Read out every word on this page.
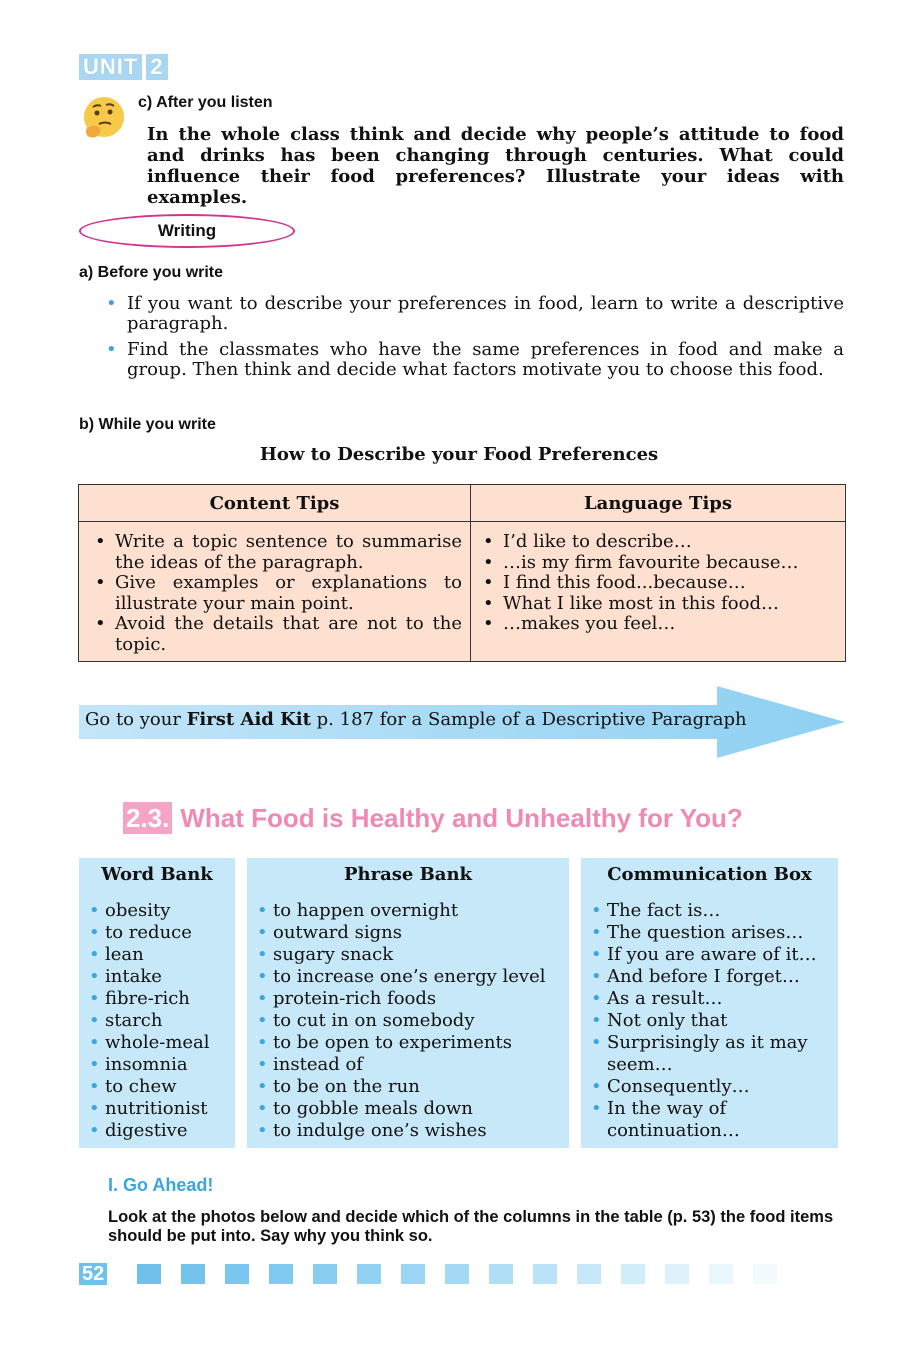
UNIT 2
c) After you listen
In the whole class think and decide why people’s attitude to food and drinks has been changing through centuries. What could influence their food preferences? Illustrate your ideas with examples.
Writing
a) Before you write
• If you want to describe your preferences in food, learn to write a descriptive paragraph.
• Find the classmates who have the same preferences in food and make a group. Then think and decide what factors motivate you to choose this food.
b) While you write
How to Describe your Food Preferences
Content Tips	Language Tips
• Write a topic sentence to summarise the ideas of the paragraph.
• Give examples or explanations to illustrate your main point.
• Avoid the details that are not to the topic.
• I’d like to describe…
• …is my firm favourite because…
• I find this food...because…
• What I like most in this food…
• …makes you feel…
Go to your First Aid Kit p. 187 for a Sample of a Descriptive Paragraph
2.3. What Food is Healthy and Unhealthy for You?
Word Bank
• obesity
• to reduce
• lean
• intake
• fibre-rich
• starch
• whole-meal
• insomnia
• to chew
• nutritionist
• digestive
Phrase Bank
• to happen overnight
• outward signs
• sugary snack
• to increase one’s energy level
• protein-rich foods
• to cut in on somebody
• to be open to experiments
• instead of
• to be on the run
• to gobble meals down
• to indulge one’s wishes
Communication Box
• The fact is…
• The question arises…
• If you are aware of it…
• And before I forget…
• As a result…
• Not only that
• Surprisingly as it may seem…
• Consequently…
• In the way of continuation…
I. Go Ahead!
Look at the photos below and decide which of the columns in the table (p. 53) the food items should be put into. Say why you think so.
52
